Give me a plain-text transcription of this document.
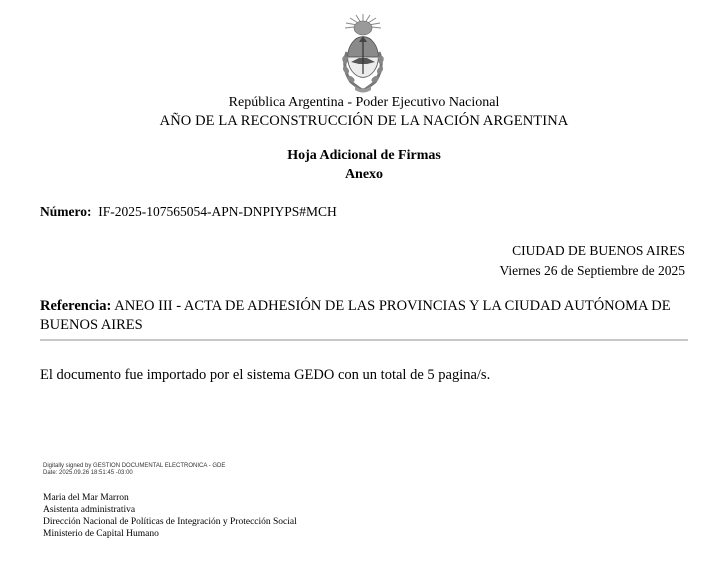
República Argentina - Poder Ejecutivo Nacional
AÑO DE LA RECONSTRUCCIÓN DE LA NACIÓN ARGENTINA
Hoja Adicional de Firmas
Anexo
Número: IF-2025-107565054-APN-DNPIYPS#MCH
CIUDAD DE BUENOS AIRES
Viernes 26 de Septiembre de 2025
Referencia: ANEO III - ACTA DE ADHESIÓN DE LAS PROVINCIAS Y LA CIUDAD AUTÓNOMA DE BUENOS AIRES
El documento fue importado por el sistema GEDO con un total de 5 pagina/s.
Digitally signed by GESTION DOCUMENTAL ELECTRONICA - GDE
Date: 2025.09.26 18:51:45 -03:00
Maria del Mar Marron
Asistenta administrativa
Dirección Nacional de Políticas de Integración y Protección Social
Ministerio de Capital Humano
